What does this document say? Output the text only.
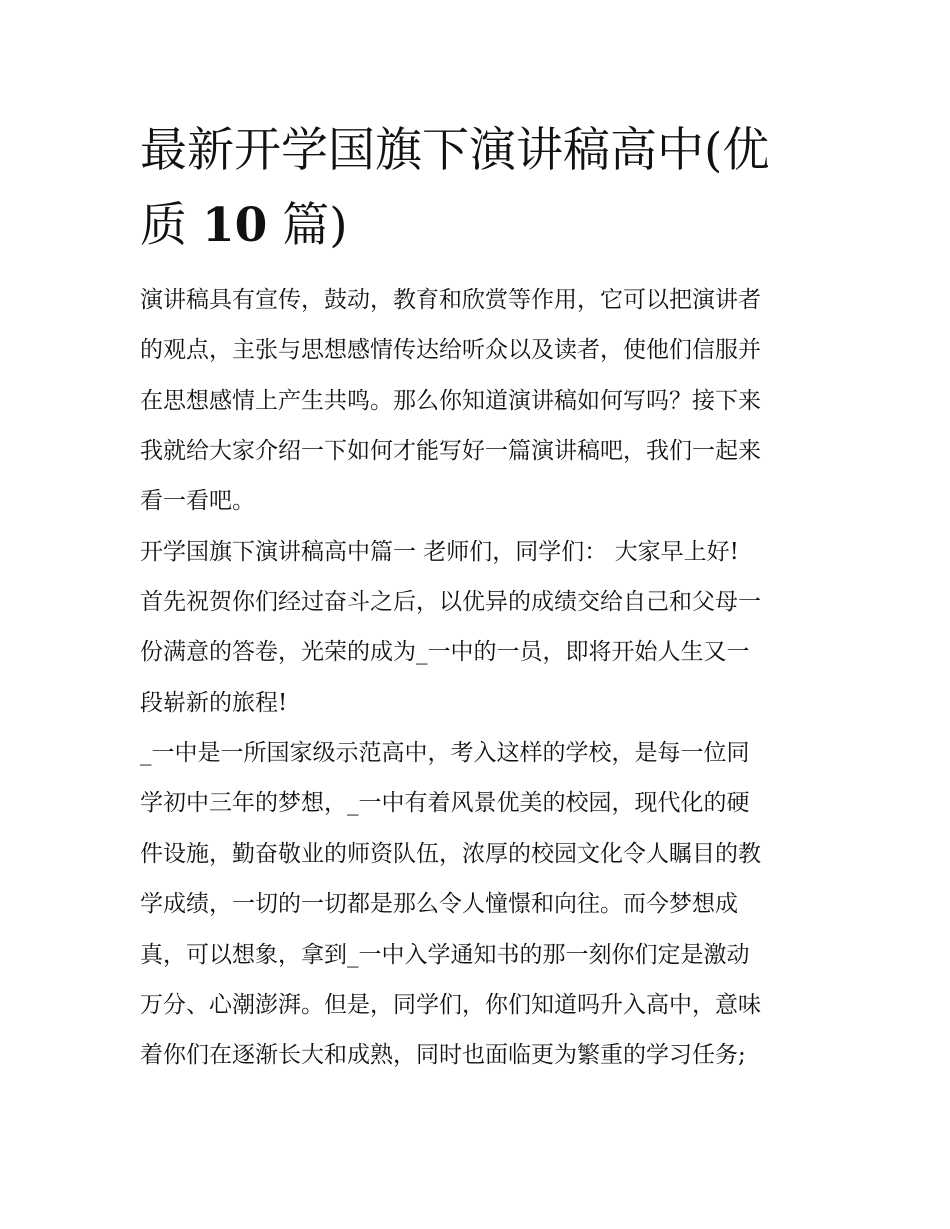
最新开学国旗下演讲稿高中(优
质 10 篇)

演讲稿具有宣传，鼓动，教育和欣赏等作用，它可以把演讲者

的观点，主张与思想感情传达给听众以及读者，使他们信服并

在思想感情上产生共鸣。那么你知道演讲稿如何写吗？接下来

我就给大家介绍一下如何才能写好一篇演讲稿吧，我们一起来

看一看吧。

开学国旗下演讲稿高中篇一 老师们，同学们： 大家早上好!

首先祝贺你们经过奋斗之后，以优异的成绩交给自己和父母一

份满意的答卷，光荣的成为_一中的一员，即将开始人生又一

段崭新的旅程!

_一中是一所国家级示范高中，考入这样的学校，是每一位同

学初中三年的梦想，_一中有着风景优美的校园，现代化的硬

件设施，勤奋敬业的师资队伍，浓厚的校园文化令人瞩目的教

学成绩，一切的一切都是那么令人憧憬和向往。而今梦想成

真，可以想象，拿到_一中入学通知书的那一刻你们定是激动

万分、心潮澎湃。但是，同学们，你们知道吗升入高中，意味

着你们在逐渐长大和成熟，同时也面临更为繁重的学习任务;
